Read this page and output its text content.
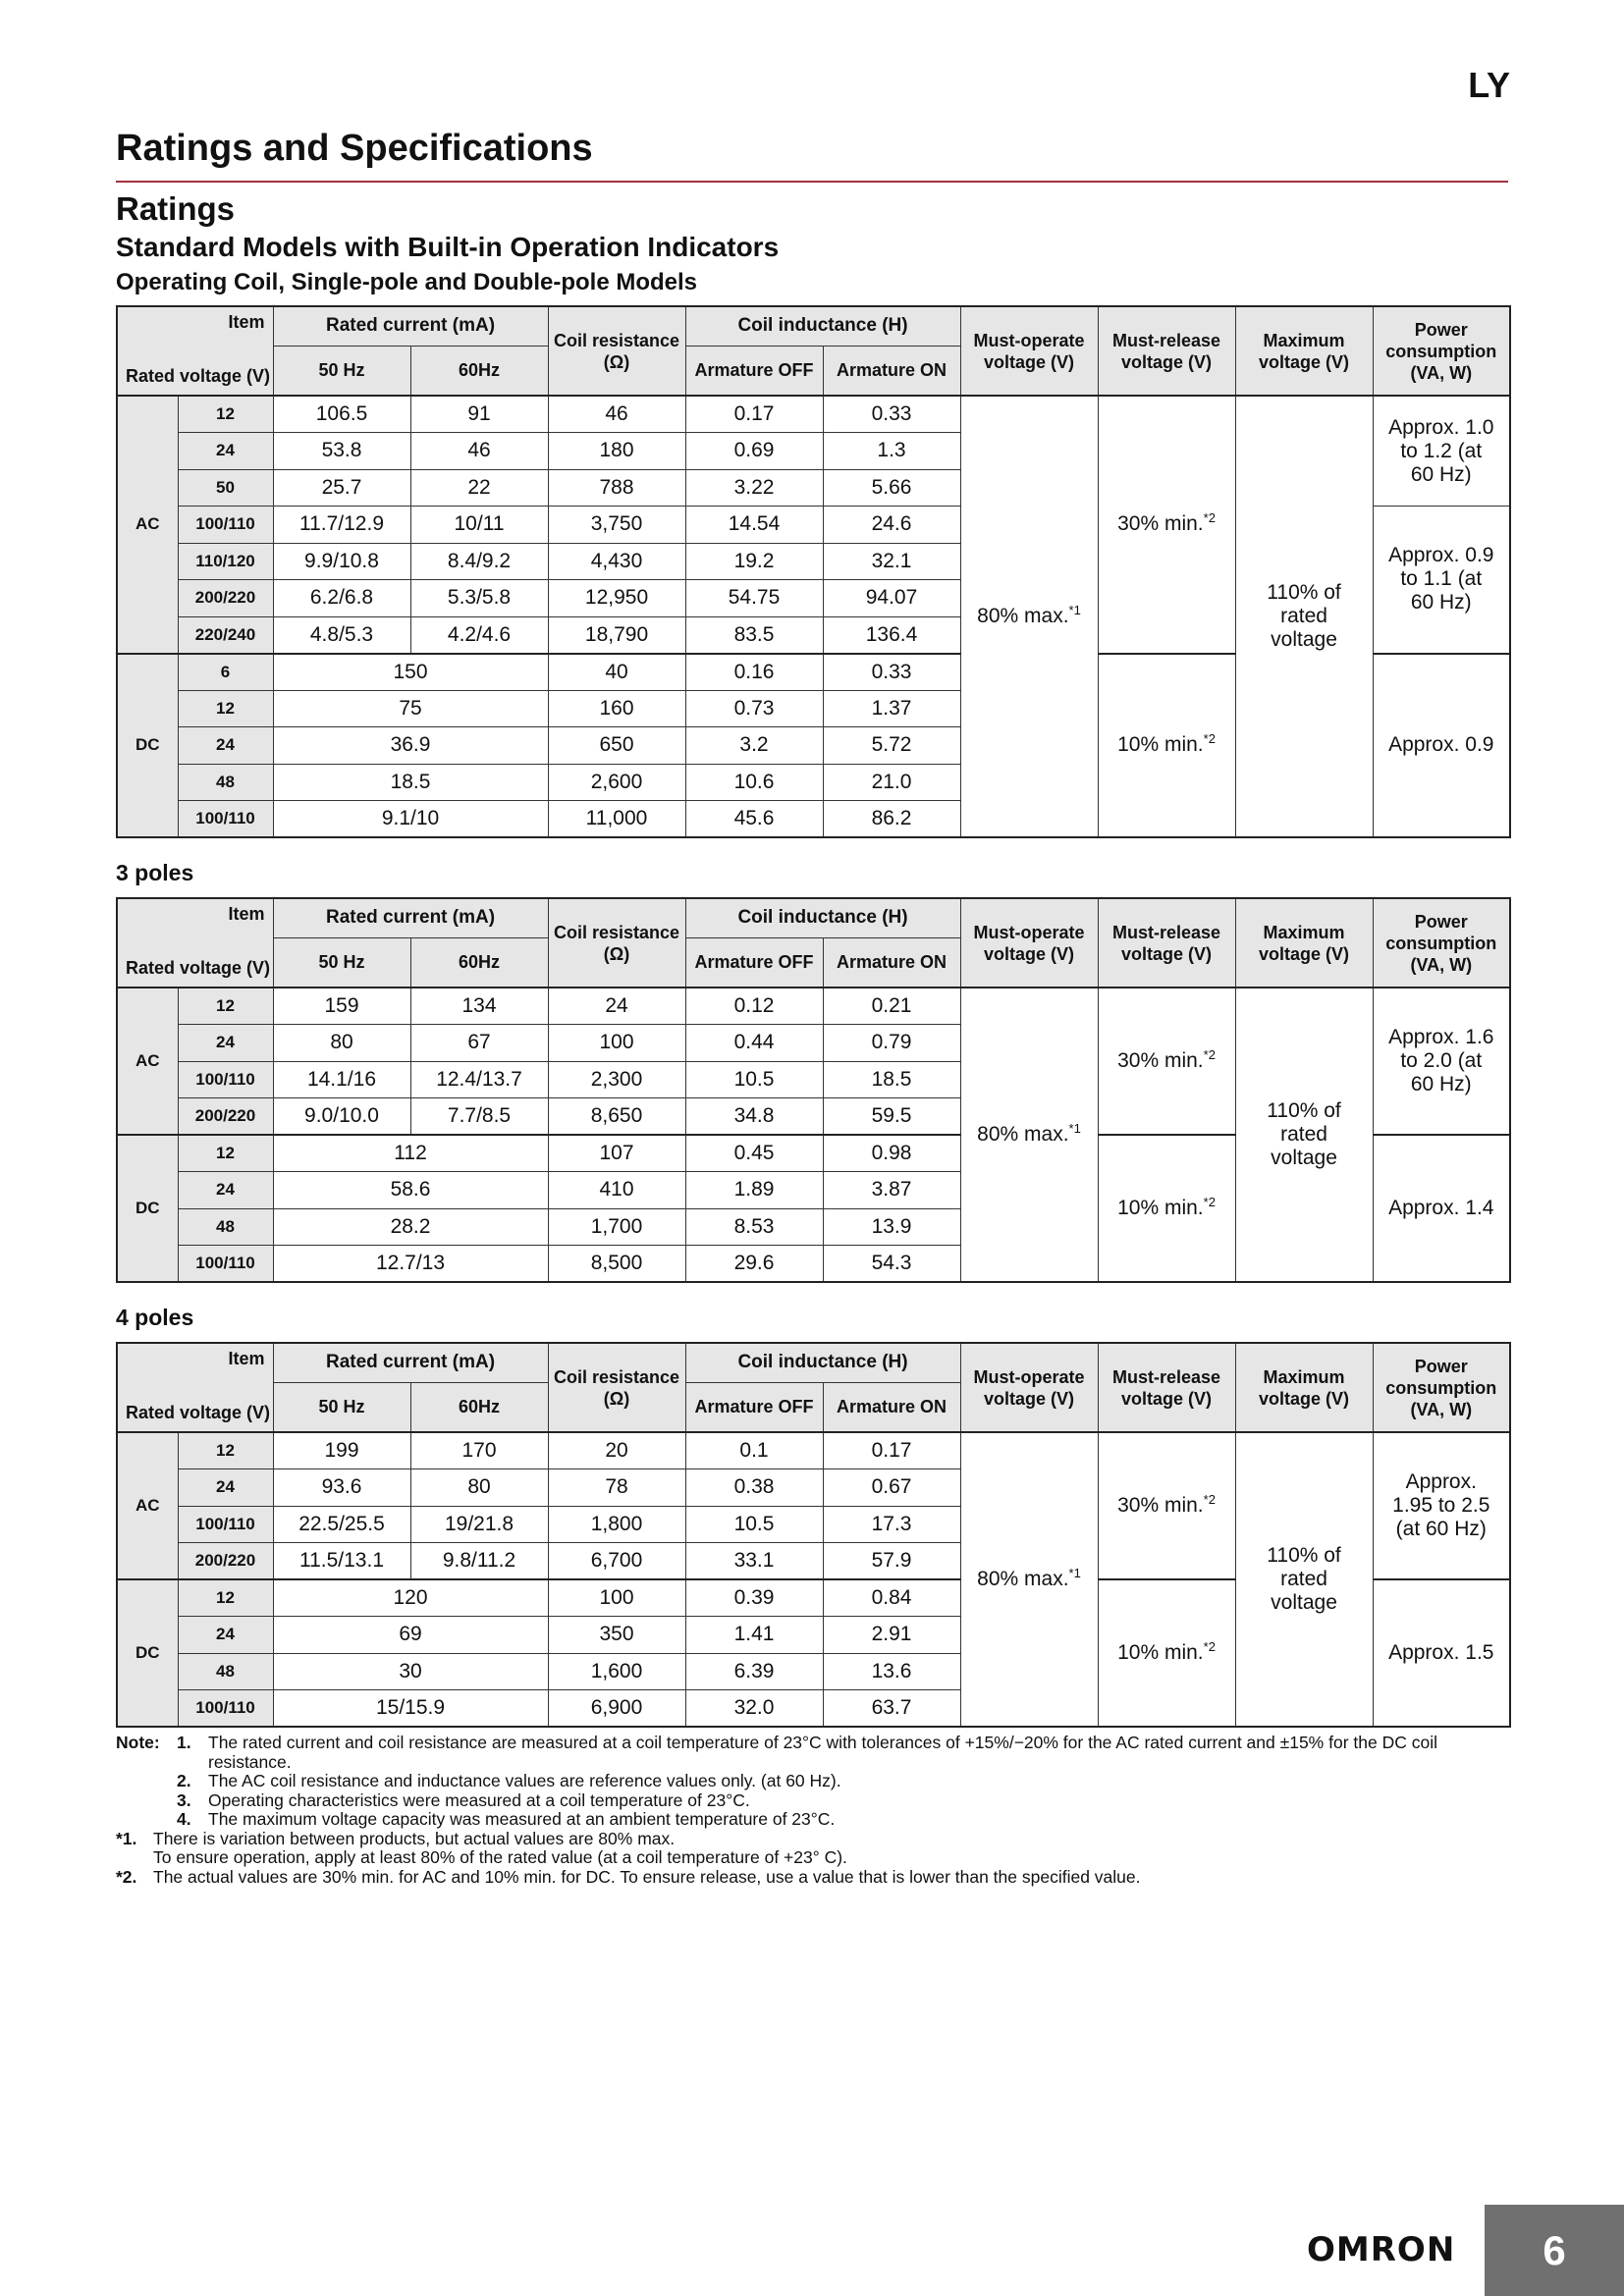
LY
Ratings and Specifications
Ratings
Standard Models with Built-in Operation Indicators
Operating Coil, Single-pole and Double-pole Models
Item
Rated voltage (V)		Rated current (mA)		Coil resistance (Ω)	Coil inductance (H)		Must-operate voltage (V)	Must-release voltage (V)	Maximum voltage (V)	Power consumption (VA, W)
		50 Hz	60Hz		Armature OFF	Armature ON				
AC	12	106.5	91	46	0.17	0.33	80% max.$^{*1}$	30% min.$^{*2}$	110% of rated voltage	Approx. 1.0 to 1.2 (at 60 Hz)
	24	53.8	46	180	0.69	1.3				
	50	25.7	22	788	3.22	5.66				
	100/110	11.7/12.9	10/11	3,750	14.54	24.6				Approx. 0.9 to 1.1 (at 60 Hz)
	110/120	9.9/10.8	8.4/9.2	4,430	19.2	32.1				
	200/220	6.2/6.8	5.3/5.8	12,950	54.75	94.07				
	220/240	4.8/5.3	4.2/4.6	18,790	83.5	136.4				
DC	6	150		40	0.16	0.33		10% min.$^{*2}$		Approx. 0.9
	12	75		160	0.73	1.37				
	24	36.9		650	3.2	5.72				
	48	18.5		2,600	10.6	21.0				
	100/110	9.1/10		11,000	45.6	86.2				
3 poles
Item
Rated voltage (V)		Rated current (mA)		Coil resistance (Ω)	Coil inductance (H)		Must-operate voltage (V)	Must-release voltage (V)	Maximum voltage (V)	Power consumption (VA, W)
		50 Hz	60Hz		Armature OFF	Armature ON				
AC	12	159	134	24	0.12	0.21	80% max.$^{*1}$	30% min.$^{*2}$	110% of rated voltage	Approx. 1.6 to 2.0 (at 60 Hz)
	24	80	67	100	0.44	0.79				
	100/110	14.1/16	12.4/13.7	2,300	10.5	18.5				
	200/220	9.0/10.0	7.7/8.5	8,650	34.8	59.5				
DC	12	112		107	0.45	0.98		10% min.$^{*2}$		Approx. 1.4
	24	58.6		410	1.89	3.87				
	48	28.2		1,700	8.53	13.9				
	100/110	12.7/13		8,500	29.6	54.3				
4 poles
Item
Rated voltage (V)		Rated current (mA)		Coil resistance (Ω)	Coil inductance (H)		Must-operate voltage (V)	Must-release voltage (V)	Maximum voltage (V)	Power consumption (VA, W)
		50 Hz	60Hz		Armature OFF	Armature ON				
AC	12	199	170	20	0.1	0.17	80% max.$^{*1}$	30% min.$^{*2}$	110% of rated voltage	Approx. 1.95 to 2.5 (at 60 Hz)
	24	93.6	80	78	0.38	0.67				
	100/110	22.5/25.5	19/21.8	1,800	10.5	17.3				
	200/220	11.5/13.1	9.8/11.2	6,700	33.1	57.9				
DC	12	120		100	0.39	0.84		10% min.$^{*2}$		Approx. 1.5
	24	69		350	1.41	2.91				
	48	30		1,600	6.39	13.6				
	100/110	15/15.9		6,900	32.0	63.7				
Note: 1. The rated current and coil resistance are measured at a coil temperature of 23°C with tolerances of +15%/−20% for the AC rated current and ±15% for the DC coil resistance.
2. The AC coil resistance and inductance values are reference values only. (at 60 Hz).
3. Operating characteristics were measured at a coil temperature of 23°C.
4. The maximum voltage capacity was measured at an ambient temperature of 23°C.
*1. There is variation between products, but actual values are 80% max.
To ensure operation, apply at least 80% of the rated value (at a coil temperature of +23° C).
*2. The actual values are 30% min. for AC and 10% min. for DC. To ensure release, use a value that is lower than the specified value.
OMRON	6
